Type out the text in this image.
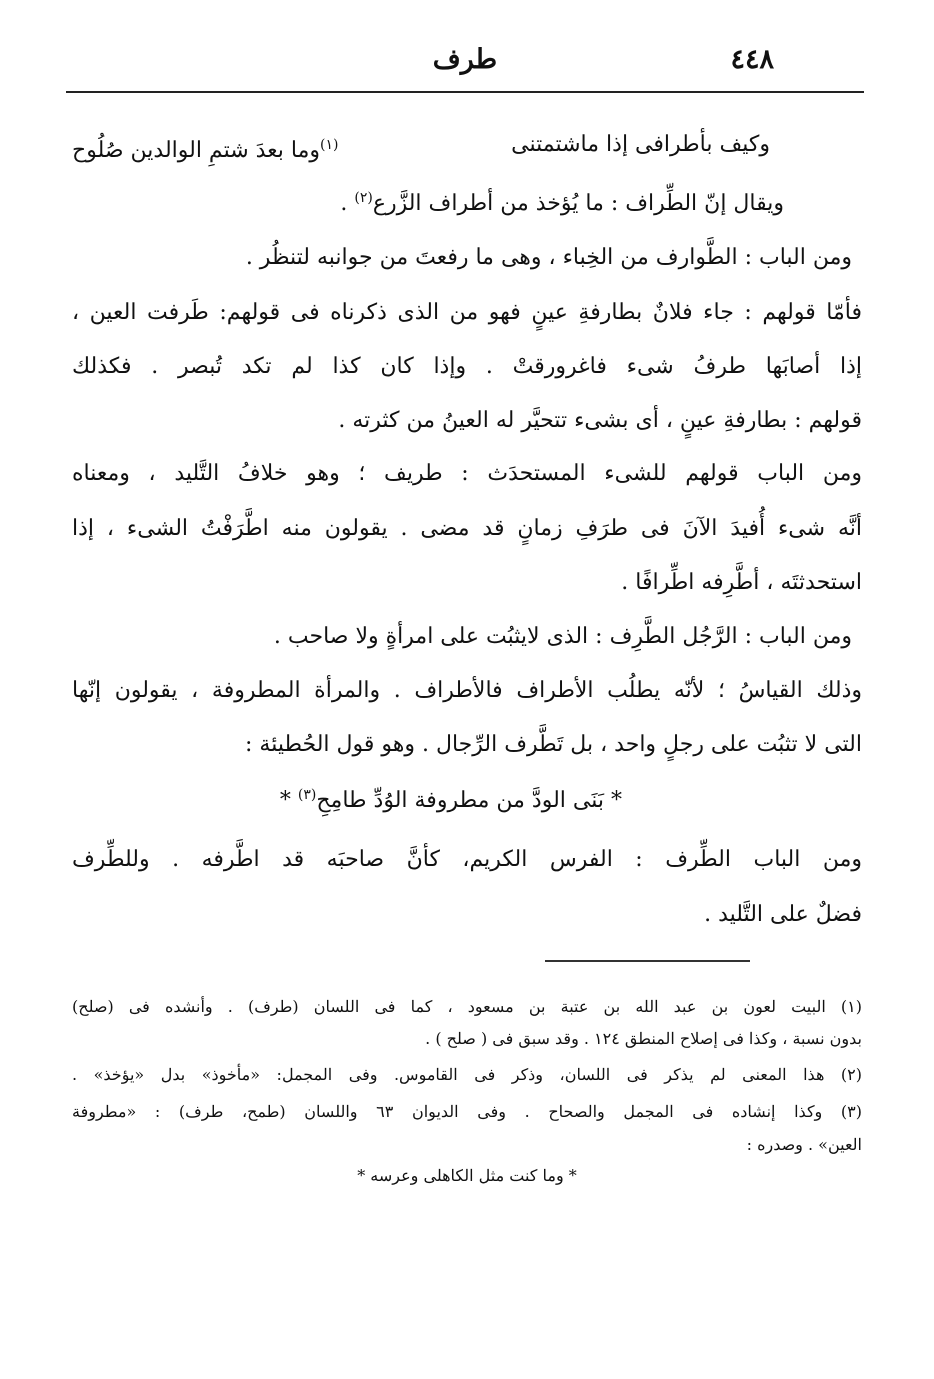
٤٤٨
طرف
وكيف بأطرافى إذا ماشتمتنى
$^{(١)}$وما بعدَ شتمِ الوالدين صُلُوح
ويقال إنّ الطِّراف : ما يُؤخذ من أطراف الزَّرع$^{(٢)}$ .
ومن الباب : الطَّوارف من الخِباء ، وهى ما رفعتَ من جوانبه لتنظُر .
فأمّا قولهم : جاء فلانٌ بطارفةِ عينٍ فهو من الذى ذكرناه فى قولهم: طَرفت العين ،
إذا أصابَها طرفُ شىء فاغرورقتْ . وإذا كان كذا لم تكد تُبصر . فكذلك
قولهم : بطارفةِ عينٍ ، أى بشىء تتحيَّر له العينُ من كثرته .
ومن الباب قولهم للشىء المستحدَث : طريف ؛ وهو خلافُ التَّليد ، ومعناه
أنَّه شىء أُفيدَ الآنَ فى طرَفِ زمانٍ قد مضى . يقولون منه اطَّرَفْتُ الشىء ، إذا
استحدثتَه ، أطَّرِفه اطِّرافًا .
ومن الباب : الرَّجُل الطَّرِف : الذى لايثبُت على امرأةٍ ولا صاحب .
وذلك القياسُ ؛ لأنّه يطلُب الأطراف فالأطراف . والمرأة المطروفة ، يقولون إنّها
التى لا تثبُت على رجلٍ واحد ، بل تَطَّرف الرِّجال . وهو قول الحُطيئة :
* بَنَى الودَّ من مطروفة الوُدِّ طامِحِ$^{(٣)}$ *
ومن الباب الطِّرف : الفرس الكريم، كأنَّ صاحبَه قد اطَّرفه . وللطِّرف
فضلٌ على التَّليد .
(١) البيت لعون بن عبد الله بن عتبة بن مسعود ، كما فى اللسان (طرف) . وأنشده فى (صلح)
بدون نسبة ، وكذا فى إصلاح المنطق ١٢٤ . وقد سبق فى ( صلح ) .
(٢) هذا المعنى لم يذكر فى اللسان، وذكر فى القاموس. وفى المجمل: «مأخوذ» بدل «يؤخذ» .
(٣) وكذا إنشاده فى المجمل والصحاح . وفى الديوان ٦٣ واللسان (طمح، طرف) : «مطروفة
العين» . وصدره :
* وما كنت مثل الكاهلى وعرسه *
